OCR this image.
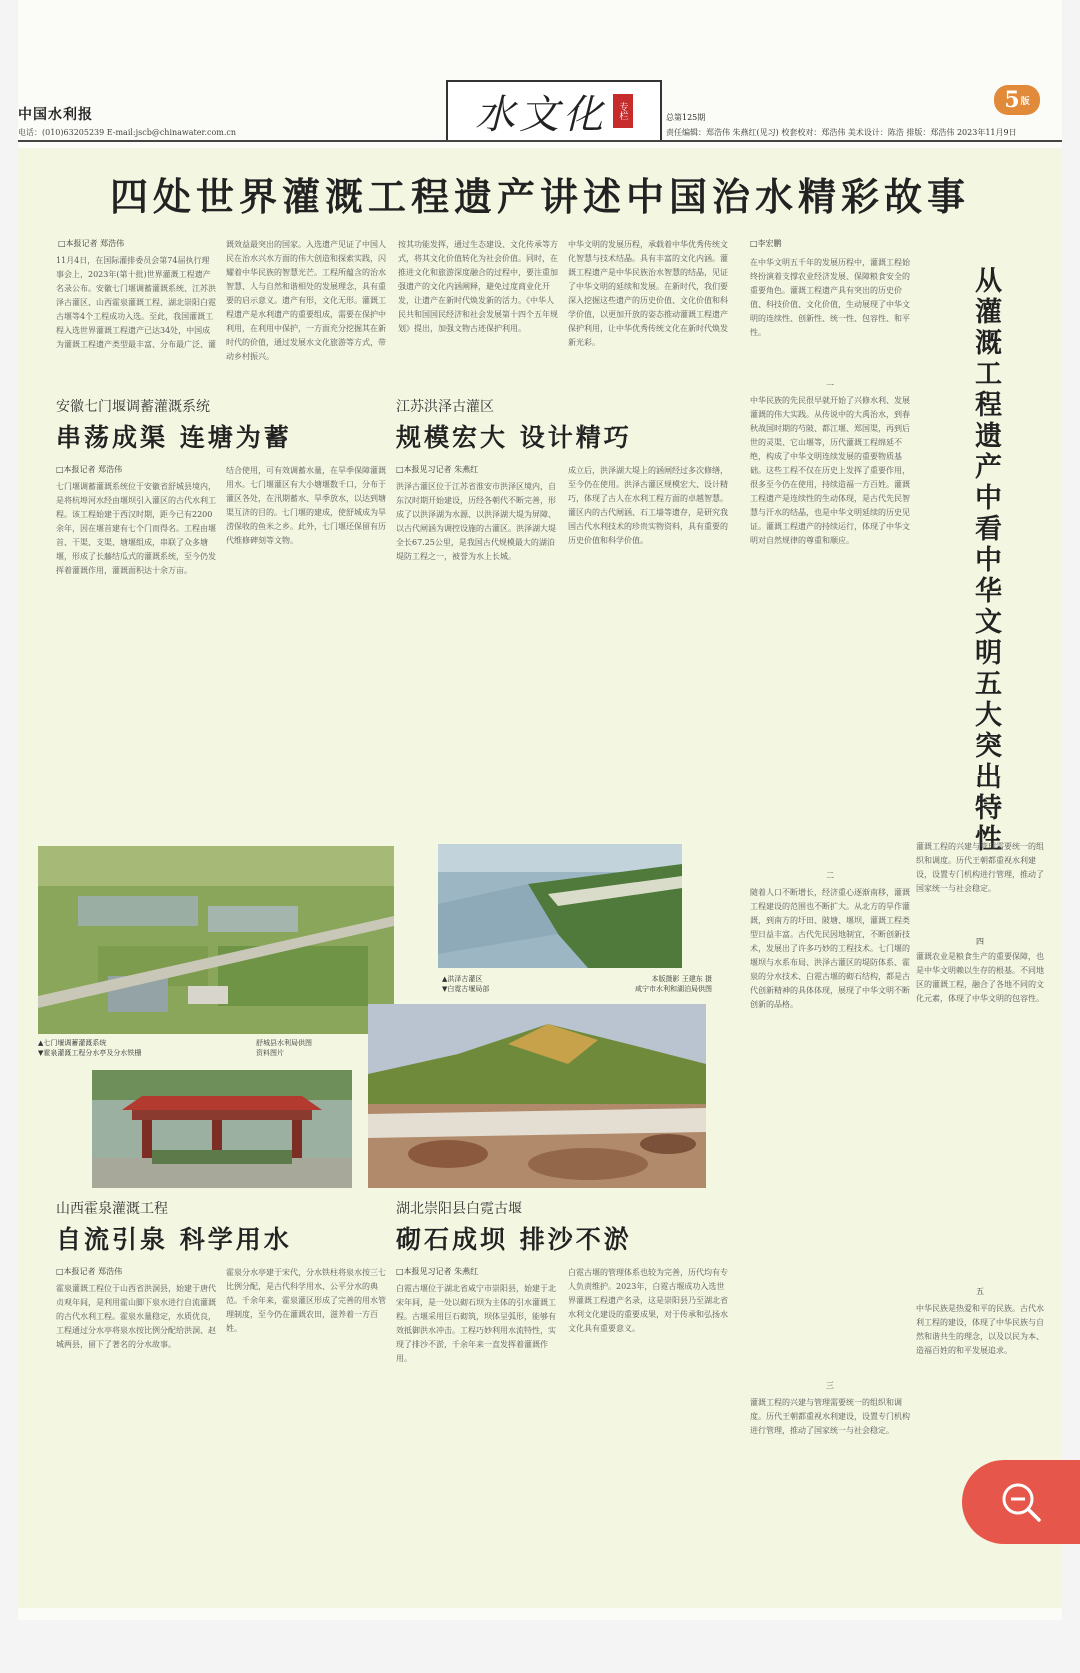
中国水利报
电话：(010)63205239 E-mail:jscb@chinawater.com.cn	水文化	专栏	总第125期
责任编辑：郑浩伟 朱燕红(见习) 校套校对：郑浩伟 美术设计：陈浩 排版：郑浩伟 2023年11月9日
5 版
四处世界灌溉工程遗产讲述中国治水精彩故事
□本报记者 郑浩伟
11月4日，在国际灌排委员会第74届执行理事会上，2023年(第十批)世界灌溉工程遗产名录公布。安徽七门堰调蓄灌溉系统、江苏洪泽古灌区、山西霍泉灌溉工程、湖北崇阳白霓古堰等4个工程成功入选。至此，我国灌溉工程入选世界灌溉工程遗产已达34处，中国成为灌溉工程遗产类型最丰富、分布最广泛、灌
溉效益最突出的国家。入选遗产见证了中国人民在治水兴水方面的伟大创造和探索实践，闪耀着中华民族的智慧光芒。工程所蕴含的治水智慧、人与自然和谐相处的发展理念，具有重要的启示意义。遗产有形，文化无形。灌溉工程遗产是水利遗产的重要组成，需要在保护中利用，在利用中保护，一方面充分挖掘其在新时代的价值，通过发展水文化旅游等方式，带动乡村振兴。
按其功能发挥，通过生态建设、文化传承等方式，将其文化价值转化为社会价值。同时，在推进文化和旅游深度融合的过程中，要注重加强遗产的文化内涵阐释，避免过度商业化开发，让遗产在新时代焕发新的活力。《中华人民共和国国民经济和社会发展第十四个五年规划》提出，加强文物古迹保护利用。
中华文明的发展历程，承载着中华优秀传统文化智慧与技术结晶。具有丰富的文化内涵。灌溉工程遗产是中华民族治水智慧的结晶，见证了中华文明的延续和发展。在新时代，我们要深入挖掘这些遗产的历史价值、文化价值和科学价值，以更加开放的姿态推动灌溉工程遗产保护利用，让中华优秀传统文化在新时代焕发新光彩。
□李宏鹏
从灌溉工程遗产中看中华文明五大突出特性
在中华文明五千年的发展历程中，灌溉工程始终扮演着支撑农业经济发展、保障粮食安全的重要角色。灌溉工程遗产具有突出的历史价值、科技价值、文化价值，生动展现了中华文明的连续性、创新性、统一性、包容性、和平性。
一
中华民族的先民很早就开始了兴修水利、发展灌溉的伟大实践。从传说中的大禹治水，到春秋战国时期的芍陂、都江堰、郑国渠，再到后世的灵渠、它山堰等，历代灌溉工程绵延不绝，构成了中华文明连续发展的重要物质基础。这些工程不仅在历史上发挥了重要作用，很多至今仍在使用，持续造福一方百姓。灌溉工程遗产是连续性的生动体现，是古代先民智慧与汗水的结晶，也是中华文明延续的历史见证。灌溉工程遗产的持续运行，体现了中华文明对自然规律的尊重和顺应。
二
随着人口不断增长，经济重心逐渐南移，灌溉工程建设的范围也不断扩大。从北方的旱作灌溉，到南方的圩田、陂塘、堰坝，灌溉工程类型日益丰富。古代先民因地制宜，不断创新技术，发展出了许多巧妙的工程技术。七门堰的堰坝与水系布局、洪泽古灌区的堤防体系、霍泉的分水技术、白霓古堰的砌石结构，都是古代创新精神的具体体现，展现了中华文明不断创新的品格。
三
灌溉工程的兴建与管理需要统一的组织和调度。历代王朝都重视水利建设，设置专门机构进行管理，推动了国家统一与社会稳定。
灌溉工程的兴建与管理需要统一的组织和调度。历代王朝都重视水利建设，设置专门机构进行管理，推动了国家统一与社会稳定。
四
灌溉农业是粮食生产的重要保障，也是中华文明赖以生存的根基。不同地区的灌溉工程，融合了各地不同的文化元素，体现了中华文明的包容性。
五
中华民族是热爱和平的民族。古代水利工程的建设，体现了中华民族与自然和谐共生的理念，以及以民为本、造福百姓的和平发展追求。
安徽七门堰调蓄灌溉系统
串荡成渠 连塘为蓄
□本报记者 郑浩伟
七门堰调蓄灌溉系统位于安徽省舒城县境内，是将杭埠河水经由堰坝引入灌区的古代水利工程。该工程始建于西汉时期，距今已有2200余年，因在堰首建有七个门而得名。工程由堰首、干渠、支渠、塘堰组成，串联了众多塘堰，形成了长藤结瓜式的灌溉系统，至今仍发挥着灌溉作用，灌溉面积达十余万亩。
结合使用，可有效调蓄水量，在旱季保障灌溉用水。七门堰灌区有大小塘堰数千口，分布于灌区各处，在汛期蓄水、旱季放水，以达到塘渠互济的目的。七门堰的建成，使舒城成为旱涝保收的鱼米之乡。此外，七门堰还保留有历代维修碑刻等文物。
江苏洪泽古灌区
规模宏大 设计精巧
□本报见习记者 朱燕红
洪泽古灌区位于江苏省淮安市洪泽区境内，自东汉时期开始建设，历经各朝代不断完善，形成了以洪泽湖为水源、以洪泽湖大堤为屏障、以古代闸涵为调控设施的古灌区。洪泽湖大堤全长67.25公里，是我国古代规模最大的湖泊堤防工程之一，被誉为水上长城。
成立后，洪泽湖大堤上的涵闸经过多次修缮，至今仍在使用。洪泽古灌区规模宏大、设计精巧，体现了古人在水利工程方面的卓越智慧。灌区内的古代闸涵、石工墙等遗存，是研究我国古代水利技术的珍贵实物资料，具有重要的历史价值和科学价值。
▲洪泽古灌区
▼白霓古堰局部
本版摄影 王建东 摄
咸宁市水利和湖泊局供图
▲七门堰调蓄灌溉系统
▼霍泉灌溉工程分水亭及分水铁栅
舒城县水利局供图
资料图片
山西霍泉灌溉工程
自流引泉 科学用水
□本报记者 郑浩伟
霍泉灌溉工程位于山西省洪洞县，始建于唐代贞观年间，是利用霍山脚下泉水进行自流灌溉的古代水利工程。霍泉水量稳定，水质优良，工程通过分水亭将泉水按比例分配给洪洞、赵城两县，留下了著名的分水故事。
霍泉分水亭建于宋代，分水铁柱将泉水按三七比例分配，是古代科学用水、公平分水的典范。千余年来，霍泉灌区形成了完善的用水管理制度，至今仍在灌溉农田，滋养着一方百姓。
湖北崇阳县白霓古堰
砌石成坝 排沙不淤
□本报见习记者 朱燕红
白霓古堰位于湖北省咸宁市崇阳县，始建于北宋年间，是一处以砌石坝为主体的引水灌溉工程。古堰采用巨石砌筑，坝体呈弧形，能够有效抵御洪水冲击。工程巧妙利用水流特性，实现了排沙不淤，千余年来一直发挥着灌溉作用。
白霓古堰的管理体系也较为完善，历代均有专人负责维护。2023年，白霓古堰成功入选世界灌溉工程遗产名录，这是崇阳县乃至湖北省水利文化建设的重要成果，对于传承和弘扬水文化具有重要意义。
